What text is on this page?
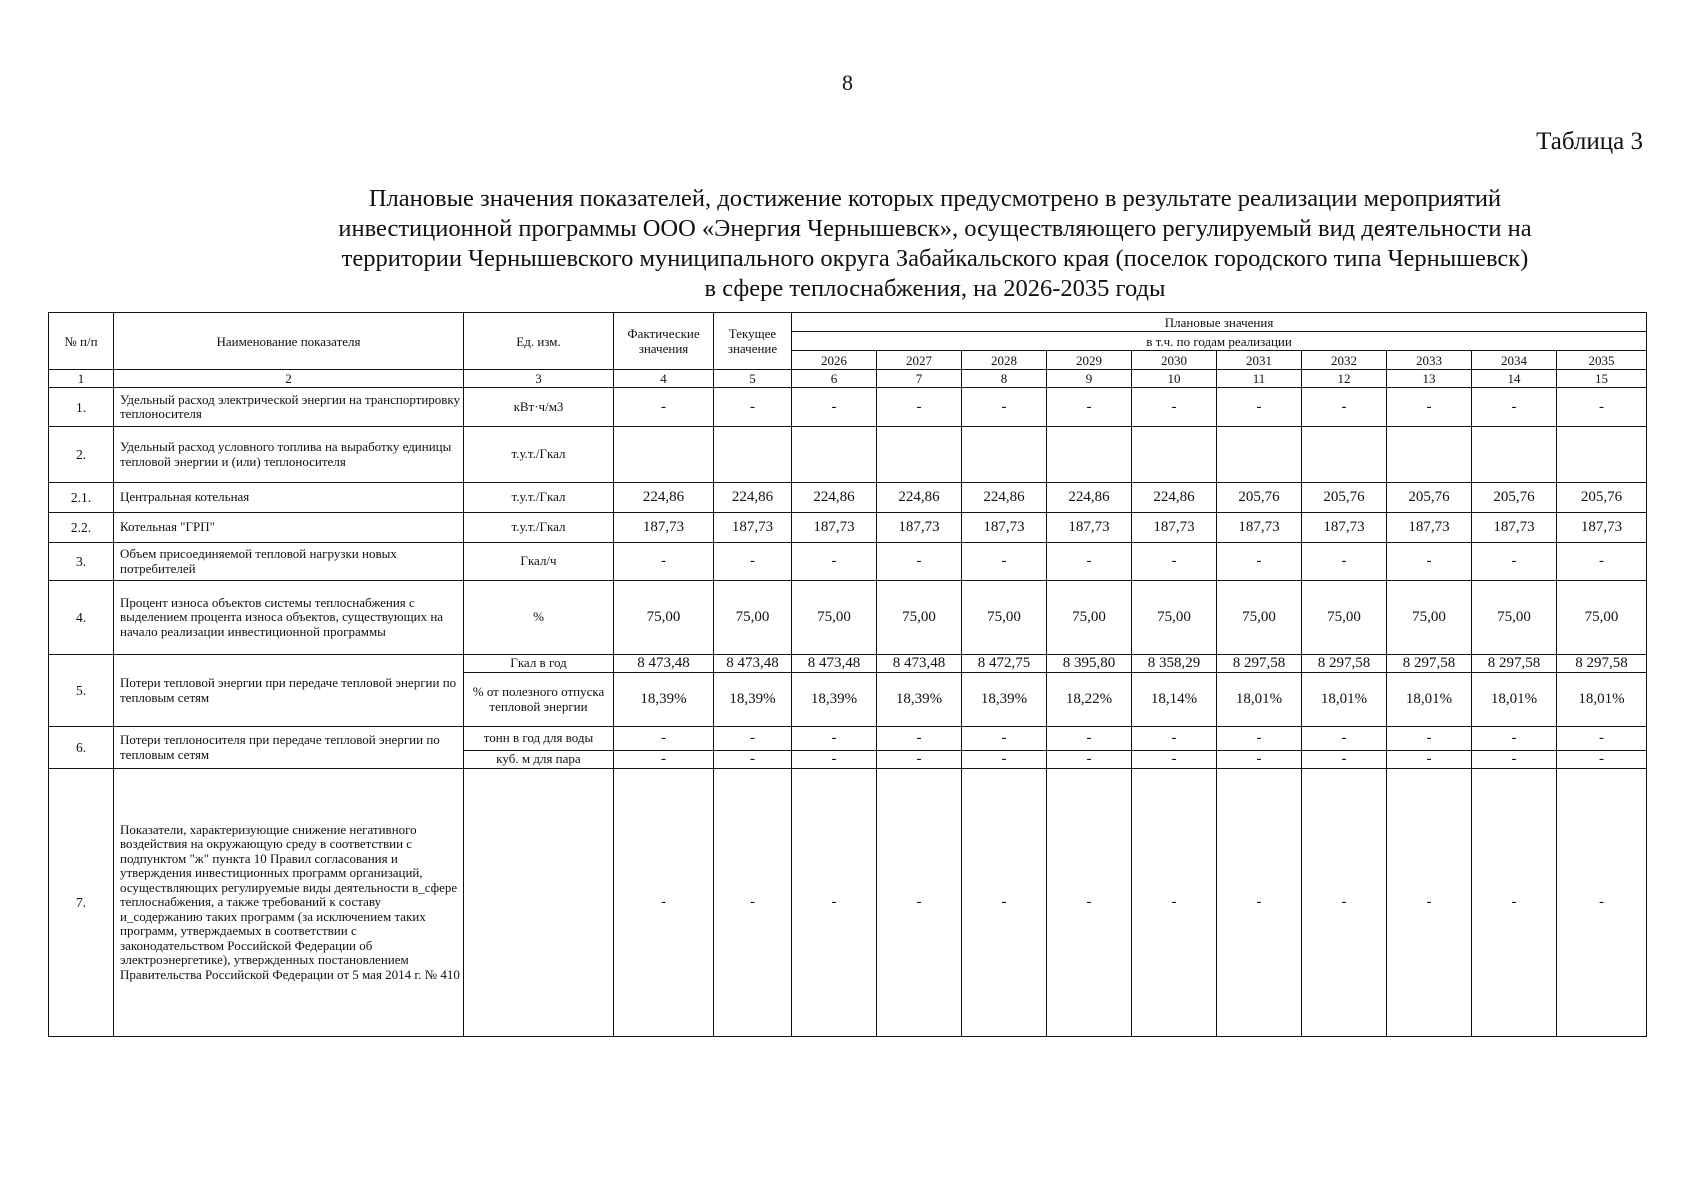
8
Таблица 3
Плановые значения показателей, достижение которых предусмотрено в результате реализации мероприятий
инвестиционной программы ООО «Энергия Чернышевск», осуществляющего регулируемый вид деятельности на
территории Чернышевского муниципального округа Забайкальского края (поселок городского типа Чернышевск)
в сфере теплоснабжения, на 2026-2035 годы
№ п/п	Наименование показателя	Ед. изм.	Фактические значения	Текущее значение	Плановые значения									
					в т.ч. по годам реализации									
					2026	2027	2028	2029	2030	2031	2032	2033	2034	2035
1	2	3	4	5	6	7	8	9	10	11	12	13	14	15
1.	Удельный расход электрической энергии на транспортировку теплоносителя	кВт·ч/м3	-	-	-	-	-	-	-	-	-	-	-	-
2.	Удельный расход условного топлива на выработку единицы тепловой энергии и (или) теплоносителя	т.у.т./Гкал												
2.1.	Центральная котельная	т.у.т./Гкал	224,86	224,86	224,86	224,86	224,86	224,86	224,86	205,76	205,76	205,76	205,76	205,76
2.2.	Котельная "ГРП"	т.у.т./Гкал	187,73	187,73	187,73	187,73	187,73	187,73	187,73	187,73	187,73	187,73	187,73	187,73
3.	Объем присоединяемой тепловой нагрузки новых потребителей	Гкал/ч	-	-	-	-	-	-	-	-	-	-	-	-
4.	Процент износа объектов системы теплоснабжения с выделением процента износа объектов, существующих на начало реализации инвестиционной программы	%	75,00	75,00	75,00	75,00	75,00	75,00	75,00	75,00	75,00	75,00	75,00	75,00
5.	Потери тепловой энергии при передаче тепловой энергии по тепловым сетям	Гкал в год	8 473,48	8 473,48	8 473,48	8 473,48	8 472,75	8 395,80	8 358,29	8 297,58	8 297,58	8 297,58	8 297,58	8 297,58
		% от полезного отпуска тепловой энергии	18,39%	18,39%	18,39%	18,39%	18,39%	18,22%	18,14%	18,01%	18,01%	18,01%	18,01%	18,01%
6.	Потери теплоносителя при передаче тепловой энергии по тепловым сетям	тонн в год для воды	-	-	-	-	-	-	-	-	-	-	-	-
		куб. м для пара	-	-	-	-	-	-	-	-	-	-	-	-
7.	Показатели, характеризующие снижение негативного воздействия на окружающую среду в соответствии с подпунктом "ж" пункта 10 Правил согласования и утверждения инвестиционных программ организаций, осуществляющих регулируемые виды деятельности в_сфере теплоснабжения, а также требований к составу и_содержанию таких программ (за исключением таких программ, утверждаемых в соответствии с законодательством Российской Федерации об электроэнергетике), утвержденных постановлением Правительства Российской Федерации от 5 мая 2014 г. № 410		-	-	-	-	-	-	-	-	-	-	-	-
